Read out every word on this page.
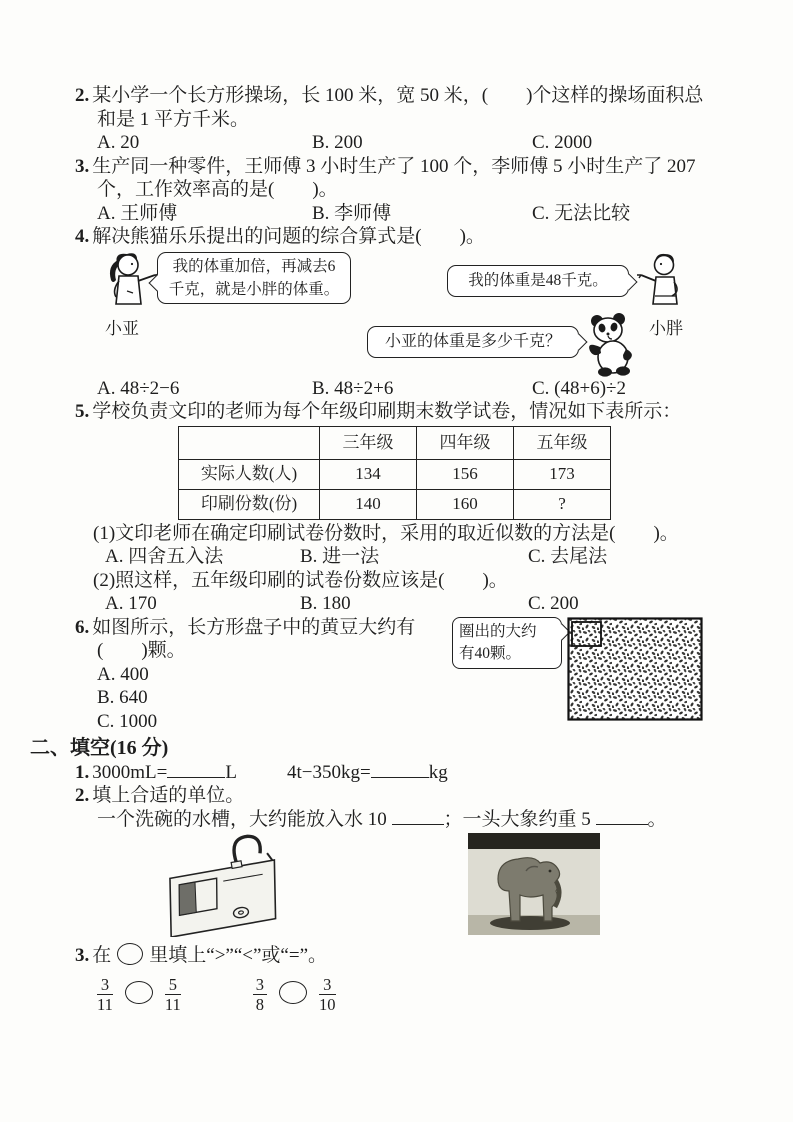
2. 某小学一个长方形操场，长 100 米，宽 50 米，(　　)个这样的操场面积总
和是 1 平方千米。
A. 20	B. 200	C. 2000
3. 生产同一种零件，王师傅 3 小时生产了 100 个，李师傅 5 小时生产了 207
个，工作效率高的是(　　)。
A. 王师傅	B. 李师傅	C. 无法比较
4. 解决熊猫乐乐提出的问题的综合算式是(　　)。
小亚
我的体重加倍，再减去6
千克，就是小胖的体重。
我的体重是48千克。
小胖
小亚的体重是多少千克？
A. 48÷2−6	B. 48÷2+6	C. (48+6)÷2
5. 学校负责文印的老师为每个年级印刷期末数学试卷，情况如下表所示：
	三年级	四年级	五年级
实际人数(人)	134	156	173
印刷份数(份)	140	160	?
(1)文印老师在确定印刷试卷份数时，采用的取近似数的方法是(　　)。
A. 四舍五入法	B. 进一法	C. 去尾法
(2)照这样，五年级印刷的试卷份数应该是(　　)。
A. 170	B. 180	C. 200
6. 如图所示，长方形盘子中的黄豆大约有
(　　)颗。
A. 400
B. 640
C. 1000
圈出的大约
有40颗。
二、填空(16 分)
1. 3000mL=	L	4t−350kg=	kg
2. 填上合适的单位。
一个洗碗的水槽，大约能放入水 10	；一头大象约重 5	。
3. 在 里填上“>”“<”或“=”。
$\frac{3}{11}$	$\frac{5}{11}$	$\frac{3}{8}$	$\frac{3}{10}$
